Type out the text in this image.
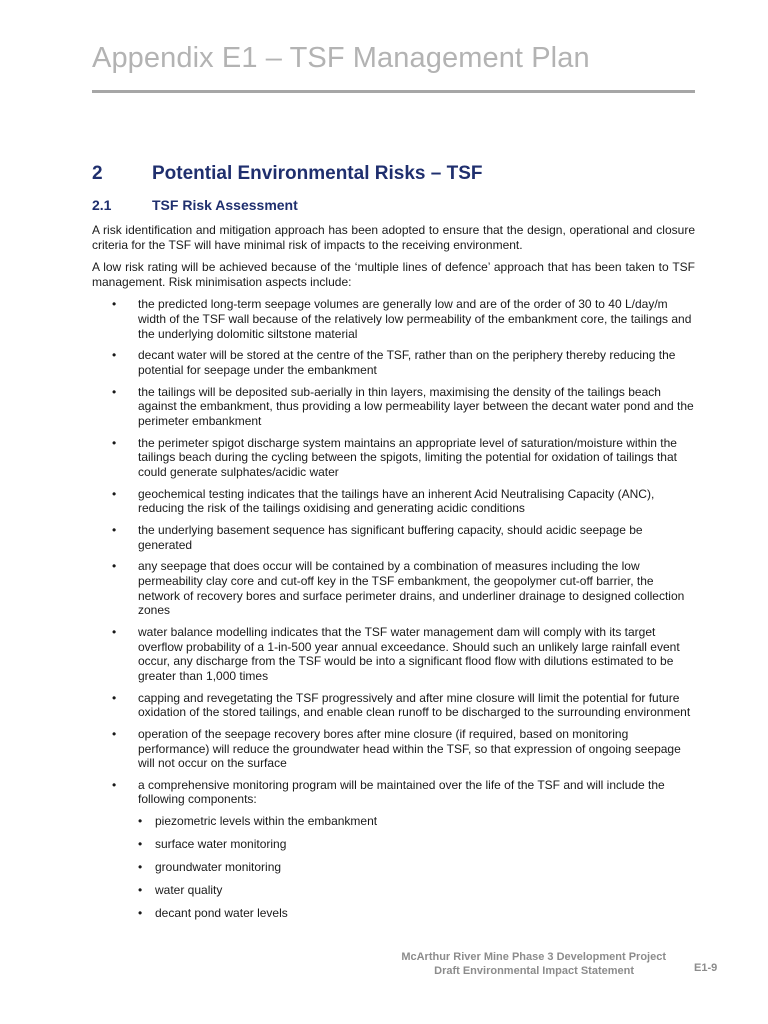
Appendix E1 – TSF Management Plan
2	Potential Environmental Risks – TSF
2.1	TSF Risk Assessment

A risk identification and mitigation approach has been adopted to ensure that the design, operational and closure criteria for the TSF will have minimal risk of impacts to the receiving environment.

A low risk rating will be achieved because of the ‘multiple lines of defence’ approach that has been taken to TSF management. Risk minimisation aspects include:

• the predicted long-term seepage volumes are generally low and are of the order of 30 to 40 L/day/m width of the TSF wall because of the relatively low permeability of the embankment core, the tailings and the underlying dolomitic siltstone material
• decant water will be stored at the centre of the TSF, rather than on the periphery thereby reducing the potential for seepage under the embankment
• the tailings will be deposited sub-aerially in thin layers, maximising the density of the tailings beach against the embankment, thus providing a low permeability layer between the decant water pond and the perimeter embankment
• the perimeter spigot discharge system maintains an appropriate level of saturation/moisture within the tailings beach during the cycling between the spigots, limiting the potential for oxidation of tailings that could generate sulphates/acidic water
• geochemical testing indicates that the tailings have an inherent Acid Neutralising Capacity (ANC), reducing the risk of the tailings oxidising and generating acidic conditions
• the underlying basement sequence has significant buffering capacity, should acidic seepage be generated
• any seepage that does occur will be contained by a combination of measures including the low permeability clay core and cut-off key in the TSF embankment, the geopolymer cut-off barrier, the network of recovery bores and surface perimeter drains, and underliner drainage to designed collection zones
• water balance modelling indicates that the TSF water management dam will comply with its target overflow probability of a 1-in-500 year annual exceedance. Should such an unlikely large rainfall event occur, any discharge from the TSF would be into a significant flood flow with dilutions estimated to be greater than 1,000 times
• capping and revegetating the TSF progressively and after mine closure will limit the potential for future oxidation of the stored tailings, and enable clean runoff to be discharged to the surrounding environment
• operation of the seepage recovery bores after mine closure (if required, based on monitoring performance) will reduce the groundwater head within the TSF, so that expression of ongoing seepage will not occur on the surface
• a comprehensive monitoring program will be maintained over the life of the TSF and will include the following components:
• piezometric levels within the embankment
• surface water monitoring
• groundwater monitoring
• water quality
• decant pond water levels
McArthur River Mine Phase 3 Development Project
Draft Environmental Impact Statement	E1-9
